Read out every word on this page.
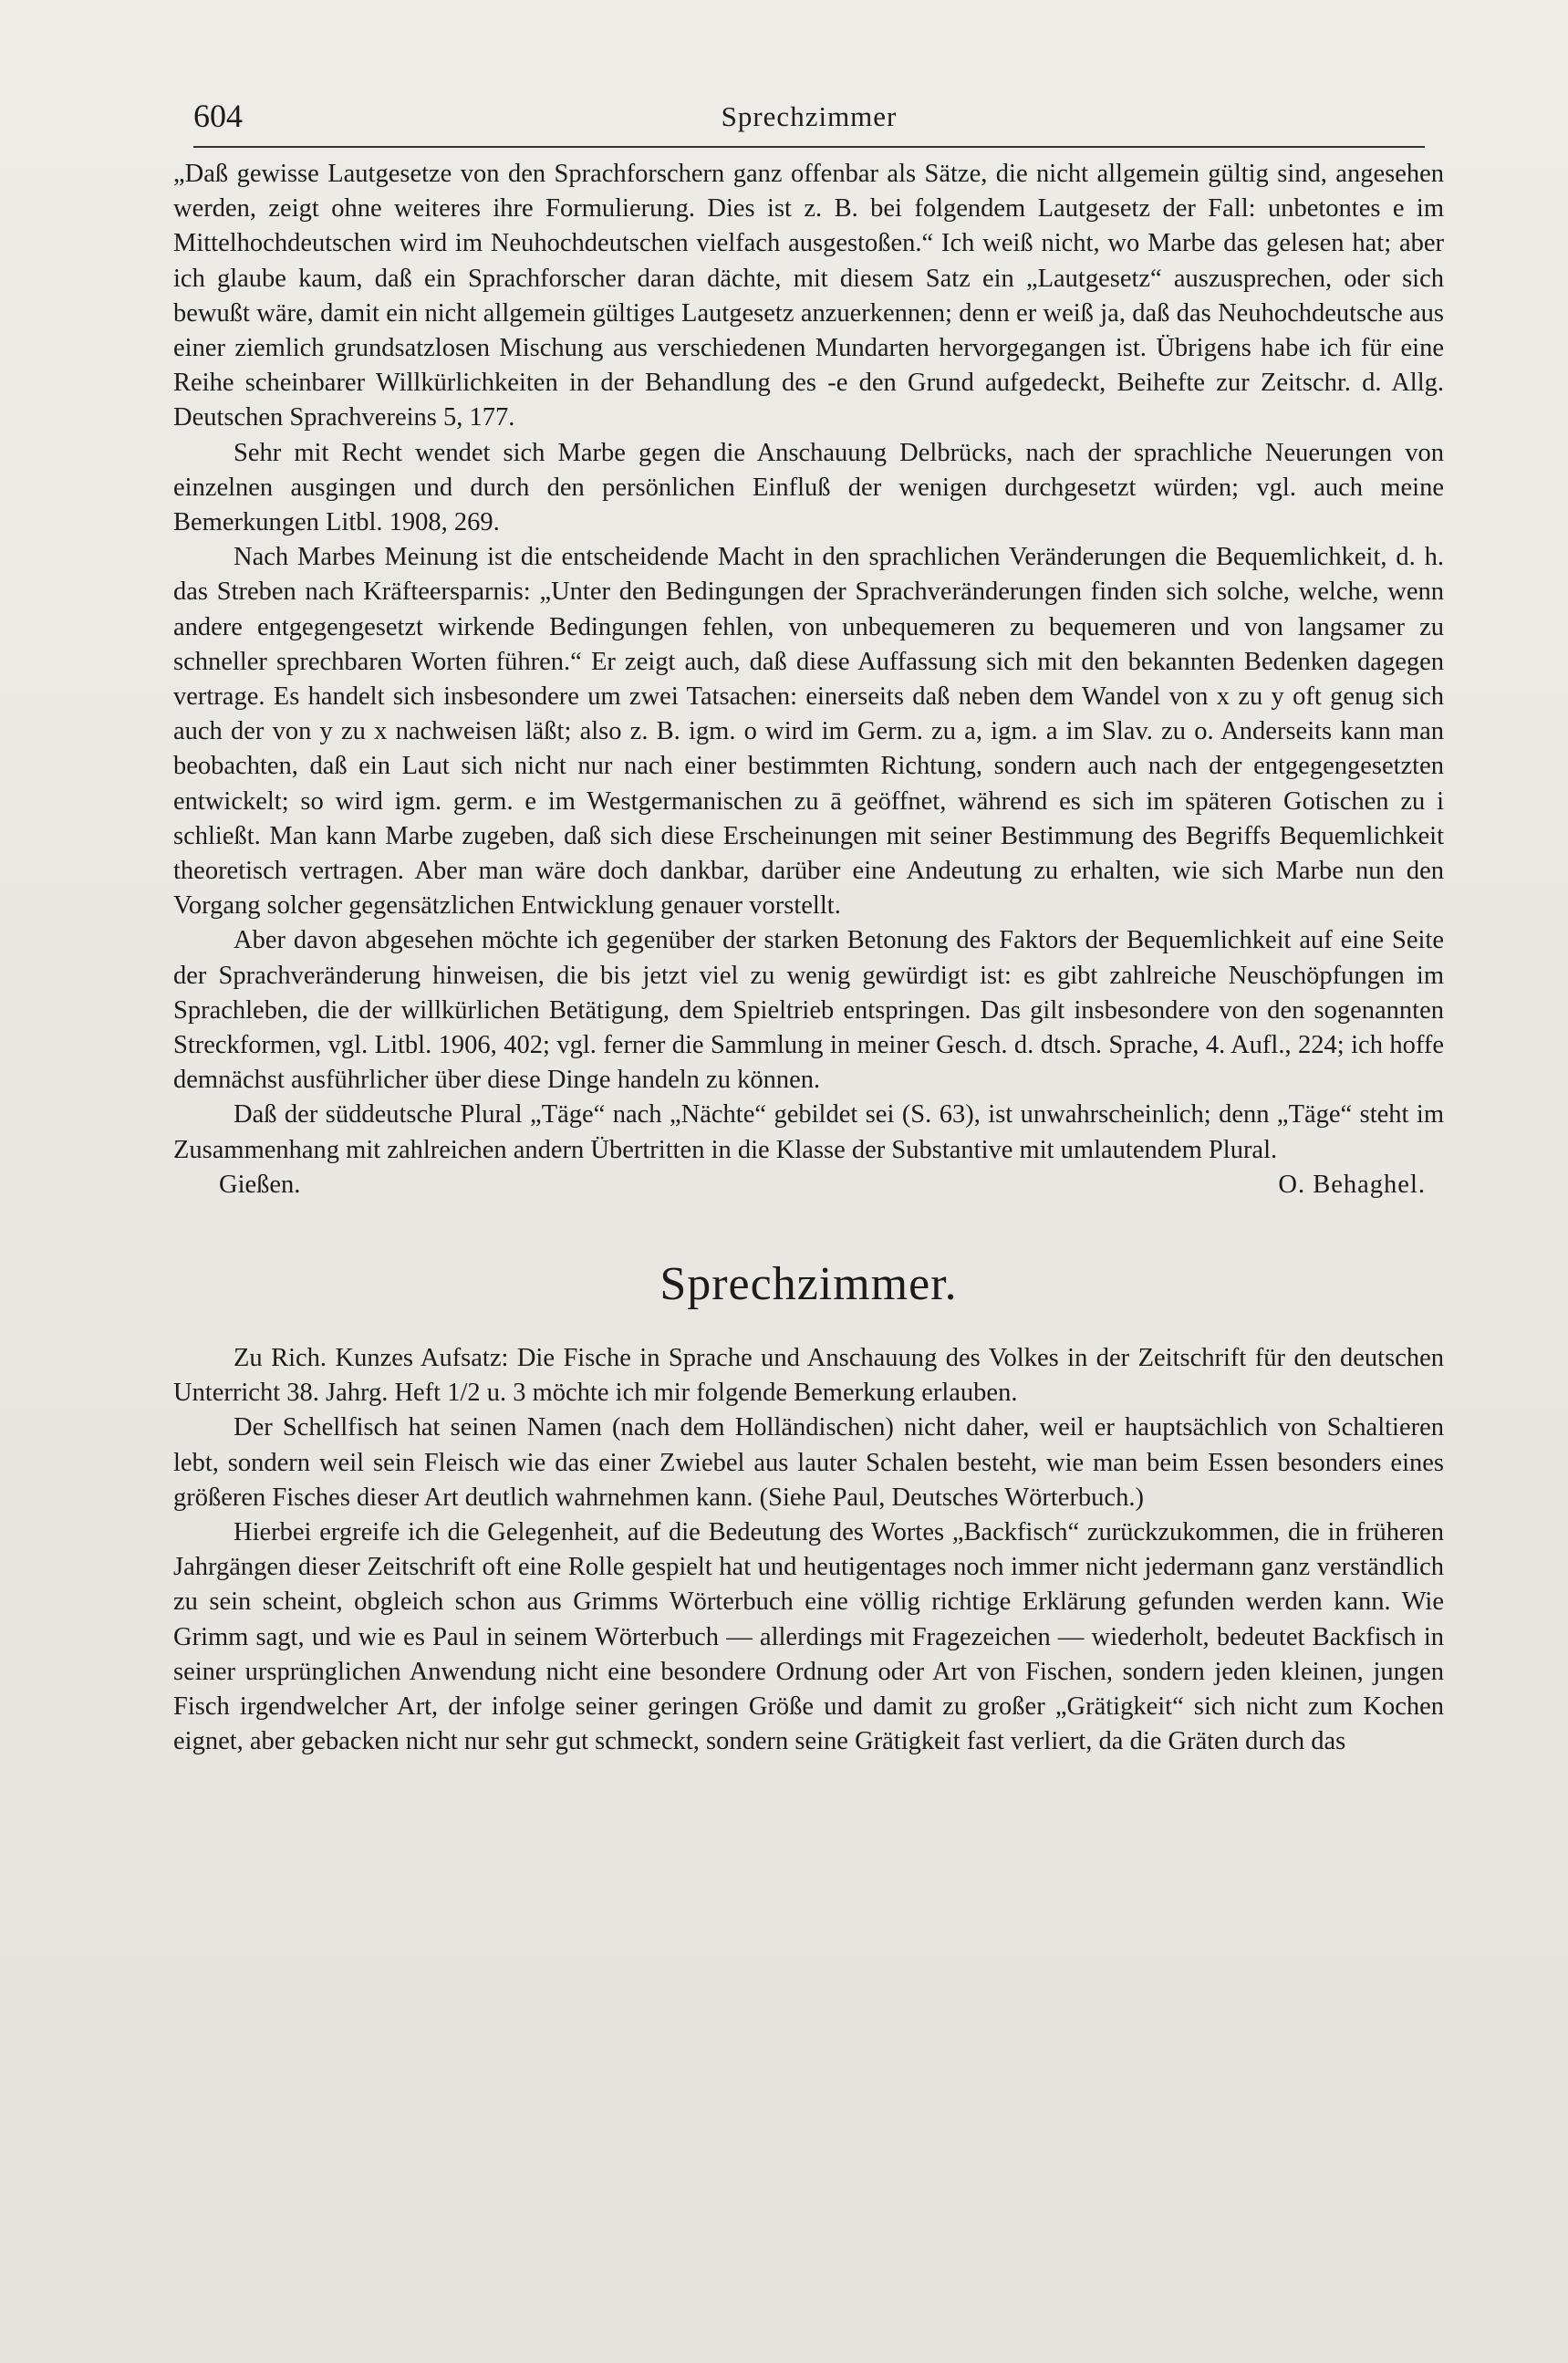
604	Sprechzimmer

„Daß gewisse Lautgesetze von den Sprachforschern ganz offenbar als Sätze, die nicht allgemein gültig sind, angesehen werden, zeigt ohne weiteres ihre Formulierung. Dies ist z. B. bei folgendem Lautgesetz der Fall: unbetontes e im Mittelhochdeutschen wird im Neuhochdeutschen vielfach ausgestoßen.“ Ich weiß nicht, wo Marbe das gelesen hat; aber ich glaube kaum, daß ein Sprachforscher daran dächte, mit diesem Satz ein „Lautgesetz“ auszusprechen, oder sich bewußt wäre, damit ein nicht allgemein gültiges Lautgesetz anzuerkennen; denn er weiß ja, daß das Neuhochdeutsche aus einer ziemlich grundsatzlosen Mischung aus verschiedenen Mundarten hervorgegangen ist. Übrigens habe ich für eine Reihe scheinbarer Willkürlichkeiten in der Behandlung des -e den Grund aufgedeckt, Beihefte zur Zeitschr. d. Allg. Deutschen Sprachvereins 5, 177.

Sehr mit Recht wendet sich Marbe gegen die Anschauung Delbrücks, nach der sprachliche Neuerungen von einzelnen ausgingen und durch den persönlichen Einfluß der wenigen durchgesetzt würden; vgl. auch meine Bemerkungen Litbl. 1908, 269.

Nach Marbes Meinung ist die entscheidende Macht in den sprachlichen Veränderungen die Bequemlichkeit, d. h. das Streben nach Kräfteersparnis: „Unter den Bedingungen der Sprachveränderungen finden sich solche, welche, wenn andere entgegengesetzt wirkende Bedingungen fehlen, von unbequemeren zu bequemeren und von langsamer zu schneller sprechbaren Worten führen.“ Er zeigt auch, daß diese Auffassung sich mit den bekannten Bedenken dagegen vertrage. Es handelt sich insbesondere um zwei Tatsachen: einerseits daß neben dem Wandel von x zu y oft genug sich auch der von y zu x nachweisen läßt; also z. B. igm. o wird im Germ. zu a, igm. a im Slav. zu o. Anderseits kann man beobachten, daß ein Laut sich nicht nur nach einer bestimmten Richtung, sondern auch nach der entgegengesetzten entwickelt; so wird igm. germ. e im Westgermanischen zu ā geöffnet, während es sich im späteren Gotischen zu i schließt. Man kann Marbe zugeben, daß sich diese Erscheinungen mit seiner Bestimmung des Begriffs Bequemlichkeit theoretisch vertragen. Aber man wäre doch dankbar, darüber eine Andeutung zu erhalten, wie sich Marbe nun den Vorgang solcher gegensätzlichen Entwicklung genauer vorstellt.

Aber davon abgesehen möchte ich gegenüber der starken Betonung des Faktors der Bequemlichkeit auf eine Seite der Sprachveränderung hinweisen, die bis jetzt viel zu wenig gewürdigt ist: es gibt zahlreiche Neuschöpfungen im Sprachleben, die der willkürlichen Betätigung, dem Spieltrieb entspringen. Das gilt insbesondere von den sogenannten Streckformen, vgl. Litbl. 1906, 402; vgl. ferner die Sammlung in meiner Gesch. d. dtsch. Sprache, 4. Aufl., 224; ich hoffe demnächst ausführlicher über diese Dinge handeln zu können.

Daß der süddeutsche Plural „Täge“ nach „Nächte“ gebildet sei (S. 63), ist unwahrscheinlich; denn „Täge“ steht im Zusammenhang mit zahlreichen andern Übertritten in die Klasse der Substantive mit umlautendem Plural.

Gießen.	O. Behaghel.
Sprechzimmer.

Zu Rich. Kunzes Aufsatz: Die Fische in Sprache und Anschauung des Volkes in der Zeitschrift für den deutschen Unterricht 38. Jahrg. Heft 1/2 u. 3 möchte ich mir folgende Bemerkung erlauben.

Der Schellfisch hat seinen Namen (nach dem Holländischen) nicht daher, weil er hauptsächlich von Schaltieren lebt, sondern weil sein Fleisch wie das einer Zwiebel aus lauter Schalen besteht, wie man beim Essen besonders eines größeren Fisches dieser Art deutlich wahrnehmen kann. (Siehe Paul, Deutsches Wörterbuch.)

Hierbei ergreife ich die Gelegenheit, auf die Bedeutung des Wortes „Backfisch“ zurückzukommen, die in früheren Jahrgängen dieser Zeitschrift oft eine Rolle gespielt hat und heutigentages noch immer nicht jedermann ganz verständlich zu sein scheint, obgleich schon aus Grimms Wörterbuch eine völlig richtige Erklärung gefunden werden kann. Wie Grimm sagt, und wie es Paul in seinem Wörterbuch — allerdings mit Fragezeichen — wiederholt, bedeutet Backfisch in seiner ursprünglichen Anwendung nicht eine besondere Ordnung oder Art von Fischen, sondern jeden kleinen, jungen Fisch irgendwelcher Art, der infolge seiner geringen Größe und damit zu großer „Grätigkeit“ sich nicht zum Kochen eignet, aber gebacken nicht nur sehr gut schmeckt, sondern seine Grätigkeit fast verliert, da die Gräten durch das
